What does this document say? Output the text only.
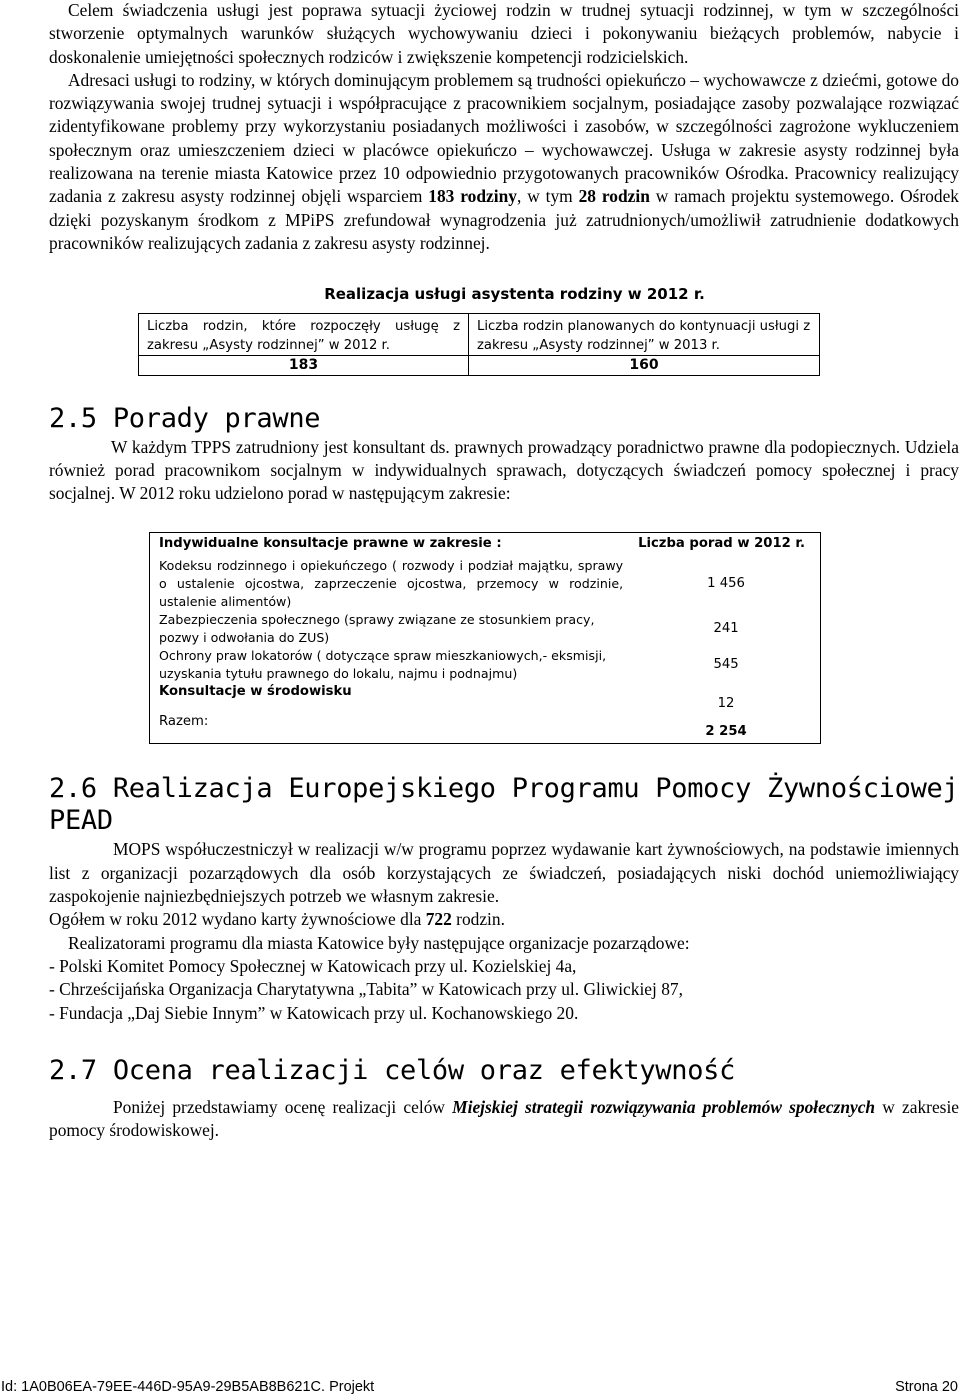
Celem świadczenia usługi jest poprawa sytuacji życiowej rodzin w trudnej sytuacji rodzinnej, w tym w szczególności stworzenie optymalnych warunków służących wychowywaniu dzieci i pokonywaniu bieżących problemów, nabycie i doskonalenie umiejętności społecznych rodziców i zwiększenie kompetencji rodzicielskich.

Adresaci usługi to rodziny, w których dominującym problemem są trudności opiekuńczo – wychowawcze z dziećmi, gotowe do rozwiązywania swojej trudnej sytuacji i współpracujące z pracownikiem socjalnym, posiadające zasoby pozwalające rozwiązać zidentyfikowane problemy przy wykorzystaniu posiadanych możliwości i zasobów, w szczególności zagrożone wykluczeniem społecznym oraz umieszczeniem dzieci w placówce opiekuńczo – wychowawczej. Usługa w zakresie asysty rodzinnej była realizowana na terenie miasta Katowice przez 10 odpowiednio przygotowanych pracowników Ośrodka. Pracownicy realizujący zadania z zakresu asysty rodzinnej objęli wsparciem 183 rodziny, w tym 28 rodzin w ramach projektu systemowego. Ośrodek dzięki pozyskanym środkom z MPiPS zrefundował wynagrodzenia już zatrudnionych/umożliwił zatrudnienie dodatkowych pracowników realizujących zadania z zakresu asysty rodzinnej.

Realizacja usługi asystenta rodziny w 2012 r.

Liczba rodzin, które rozpoczęły usługę z zakresu „Asysty rodzinnej” w 2012 r.	Liczba rodzin planowanych do kontynuacji usługi z zakresu „Asysty rodzinnej” w 2013 r.
183	160
2.5 Porady prawne

W każdym TPPS zatrudniony jest konsultant ds. prawnych prowadzący poradnictwo prawne dla podopiecznych. Udziela również porad pracownikom socjalnym w indywidualnych sprawach, dotyczących świadczeń pomocy społecznej i pracy socjalnej. W 2012 roku udzielono porad w następującym zakresie:

Indywidualne konsultacje prawne w zakresie :	Liczba porad w 2012 r.
Kodeksu rodzinnego i opiekuńczego ( rozwody i podział majątku, sprawy o ustalenie ojcostwa, zaprzeczenie ojcostwa, przemocy w rodzinie, ustalenie alimentów)	1 456
Zabezpieczenia społecznego (sprawy związane ze stosunkiem pracy, pozwy i odwołania do ZUS)	241
Ochrony praw lokatorów ( dotyczące spraw mieszkaniowych,- eksmisji, uzyskania tytułu prawnego do lokalu, najmu i podnajmu)	545
Konsultacje w środowisku	12
Razem:	2 254
2.6 Realizacja Europejskiego Programu Pomocy Żywnościowej PEAD

MOPS współuczestniczył w realizacji w/w programu poprzez wydawanie kart żywnościowych, na podstawie imiennych list z organizacji pozarządowych dla osób korzystających ze świadczeń, posiadających niski dochód uniemożliwiający zaspokojenie najniezbędniejszych potrzeb we własnym zakresie.

Ogółem w roku 2012 wydano karty żywnościowe dla 722 rodzin.

Realizatorami programu dla miasta Katowice były następujące organizacje pozarządowe:

- Polski Komitet Pomocy Społecznej w Katowicach przy ul. Kozielskiej 4a,

- Chrześcijańska Organizacja Charytatywna „Tabita” w Katowicach przy ul. Gliwickiej 87,

- Fundacja „Daj Siebie Innym” w Katowicach przy ul. Kochanowskiego 20.

2.7 Ocena realizacji celów oraz efektywność

Poniżej przedstawiamy ocenę realizacji celów Miejskiej strategii rozwiązywania problemów społecznych w zakresie pomocy środowiskowej.

Id: 1A0B06EA-79EE-446D-95A9-29B5AB8B621C. Projekt	Strona 20
